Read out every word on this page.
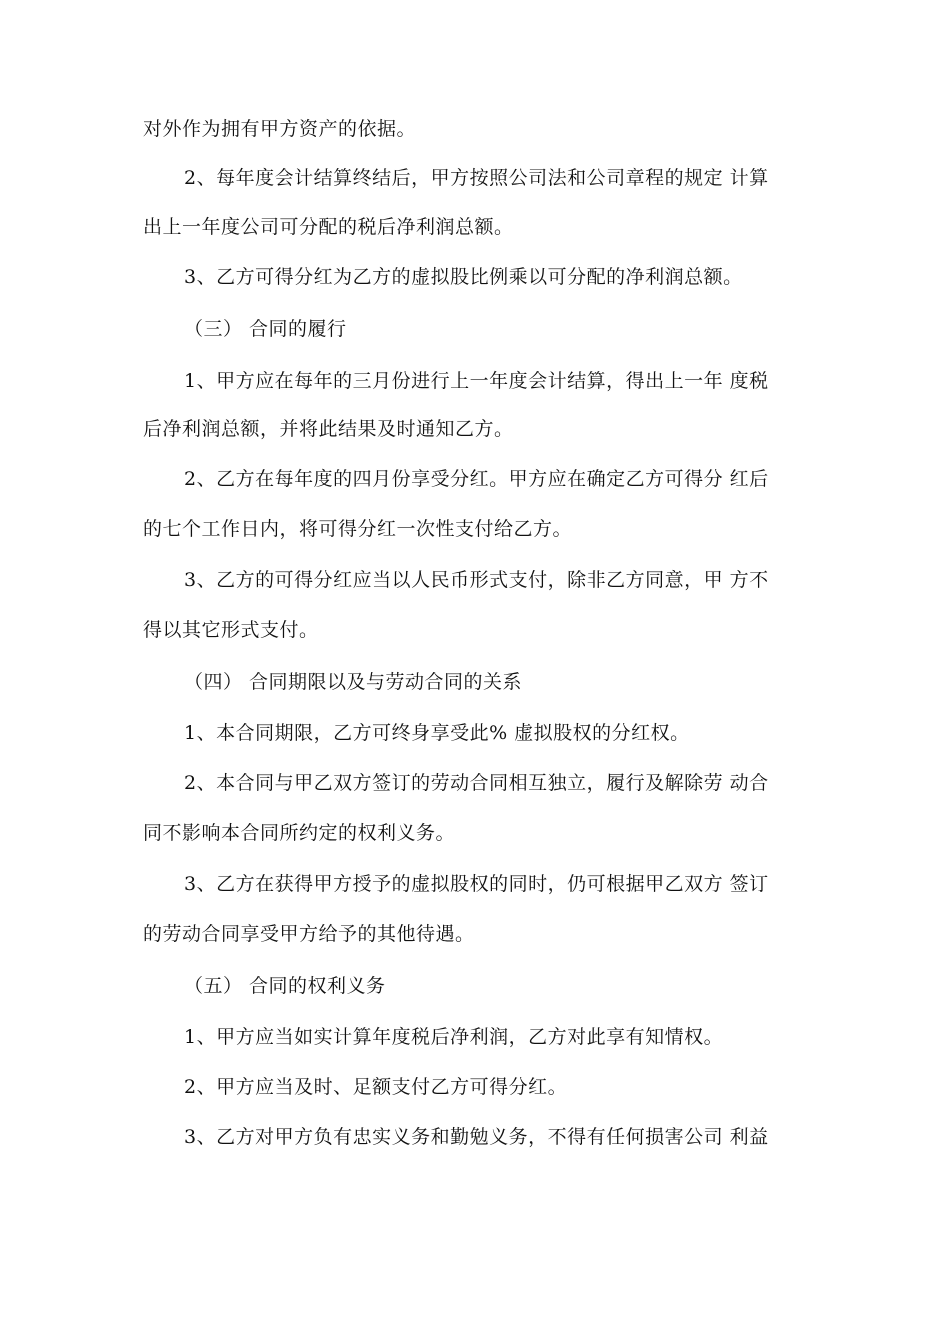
对外作为拥有甲方资产的依据。
2、每年度会计结算终结后，甲方按照公司法和公司章程的规定 计算
出上一年度公司可分配的税后净利润总额。
3、乙方可得分红为乙方的虚拟股比例乘以可分配的净利润总额。
（三） 合同的履行
1、甲方应在每年的三月份进行上一年度会计结算，得出上一年 度税
后净利润总额，并将此结果及时通知乙方。
2、乙方在每年度的四月份享受分红。甲方应在确定乙方可得分 红后
的七个工作日内，将可得分红一次性支付给乙方。
3、乙方的可得分红应当以人民币形式支付，除非乙方同意，甲 方不
得以其它形式支付。
（四） 合同期限以及与劳动合同的关系
1、本合同期限，乙方可终身享受此% 虚拟股权的分红权。
2、本合同与甲乙双方签订的劳动合同相互独立，履行及解除劳 动合
同不影响本合同所约定的权利义务。
3、乙方在获得甲方授予的虚拟股权的同时，仍可根据甲乙双方 签订
的劳动合同享受甲方给予的其他待遇。
（五） 合同的权利义务
1、甲方应当如实计算年度税后净利润，乙方对此享有知情权。
2、甲方应当及时、足额支付乙方可得分红。
3、乙方对甲方负有忠实义务和勤勉义务，不得有任何损害公司 利益
